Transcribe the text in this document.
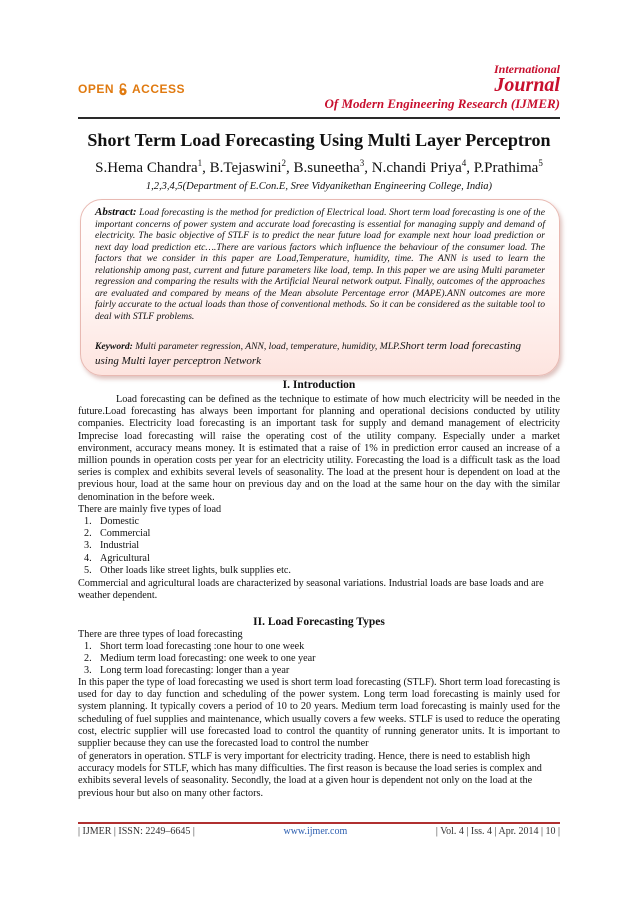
OPEN ACCESS
International
Journal
Of Modern Engineering Research (IJMER)
Short Term Load Forecasting Using Multi Layer Perceptron
S.Hema Chandra$^1$, B.Tejaswini$^2$, B.suneetha$^3$, N.chandi Priya$^4$, P.Prathima$^5$
1,2,3,4,5(Department of E.Con.E, Sree Vidyanikethan Engineering College, India)
Abstract: Load forecasting is the method for prediction of Electrical load. Short term load forecasting is one of the important concerns of power system and accurate load forecasting is essential for managing supply and demand of electricity. The basic objective of STLF is to predict the near future load for example next hour load prediction or next day load prediction etc….There are various factors which influence the behaviour of the consumer load. The factors that we consider in this paper are Load,Temperature, humidity, time. The ANN is used to learn the relationship among past, current and future parameters like load, temp. In this paper we are using Multi parameter regression and comparing the results with the Artificial Neural network output. Finally, outcomes of the approaches are evaluated and compared by means of the Mean absolute Percentage error (MAPE).ANN outcomes are more fairly accurate to the actual loads than those of conventional methods. So it can be considered as the suitable tool to deal with STLF problems.
Keyword: Multi parameter regression, ANN, load, temperature, humidity, MLP.Short term load forecasting using Multi layer perceptron Network
I. Introduction
Load forecasting can be defined as the technique to estimate of how much electricity will be needed in the future.Load forecasting has always been important for planning and operational decisions conducted by utility companies. Electricity load forecasting is an important task for supply and demand management of electricity Imprecise load forecasting will raise the operating cost of the utility company. Especially under a market environment, accuracy means money. It is estimated that a raise of 1% in prediction error caused an increase of a million pounds in operation costs per year for an electricity utility. Forecasting the load is a difficult task as the load series is complex and exhibits several levels of seasonality. The load at the present hour is dependent on load at the previous hour, load at the same hour on previous day and on the load at the same hour on the day with the similar denomination in the before week.
There are mainly five types of load
1. Domestic
2. Commercial
3. Industrial
4. Agricultural
5. Other loads like street lights, bulk supplies etc.
Commercial and agricultural loads are characterized by seasonal variations. Industrial loads are base loads and are weather dependent.
II. Load Forecasting Types
There are three types of load forecasting
1. Short term load forecasting :one hour to one week
2. Medium term load forecasting: one week to one year
3. Long term load forecasting: longer than a year
In this paper the type of load forecasting we used is short term load forecasting (STLF). Short term load forecasting is used for day to day function and scheduling of the power system. Long term load forecasting is mainly used for system planning. It typically covers a period of 10 to 20 years. Medium term load forecasting is mainly used for the scheduling of fuel supplies and maintenance, which usually covers a few weeks. STLF is used to reduce the operating cost, electric supplier will use forecasted load to control the quantity of running generator units. It is important to supplier because they can use the forecasted load to control the number
of generators in operation. STLF is very important for electricity trading. Hence, there is need to establish high accuracy models for STLF, which has many difficulties. The first reason is because the load series is complex and exhibits several levels of seasonality. Secondly, the load at a given hour is dependent not only on the load at the previous hour but also on many other factors.
| IJMER | ISSN: 2249–6645 |	www.ijmer.com	| Vol. 4 | Iss. 4 | Apr. 2014 | 10 |
